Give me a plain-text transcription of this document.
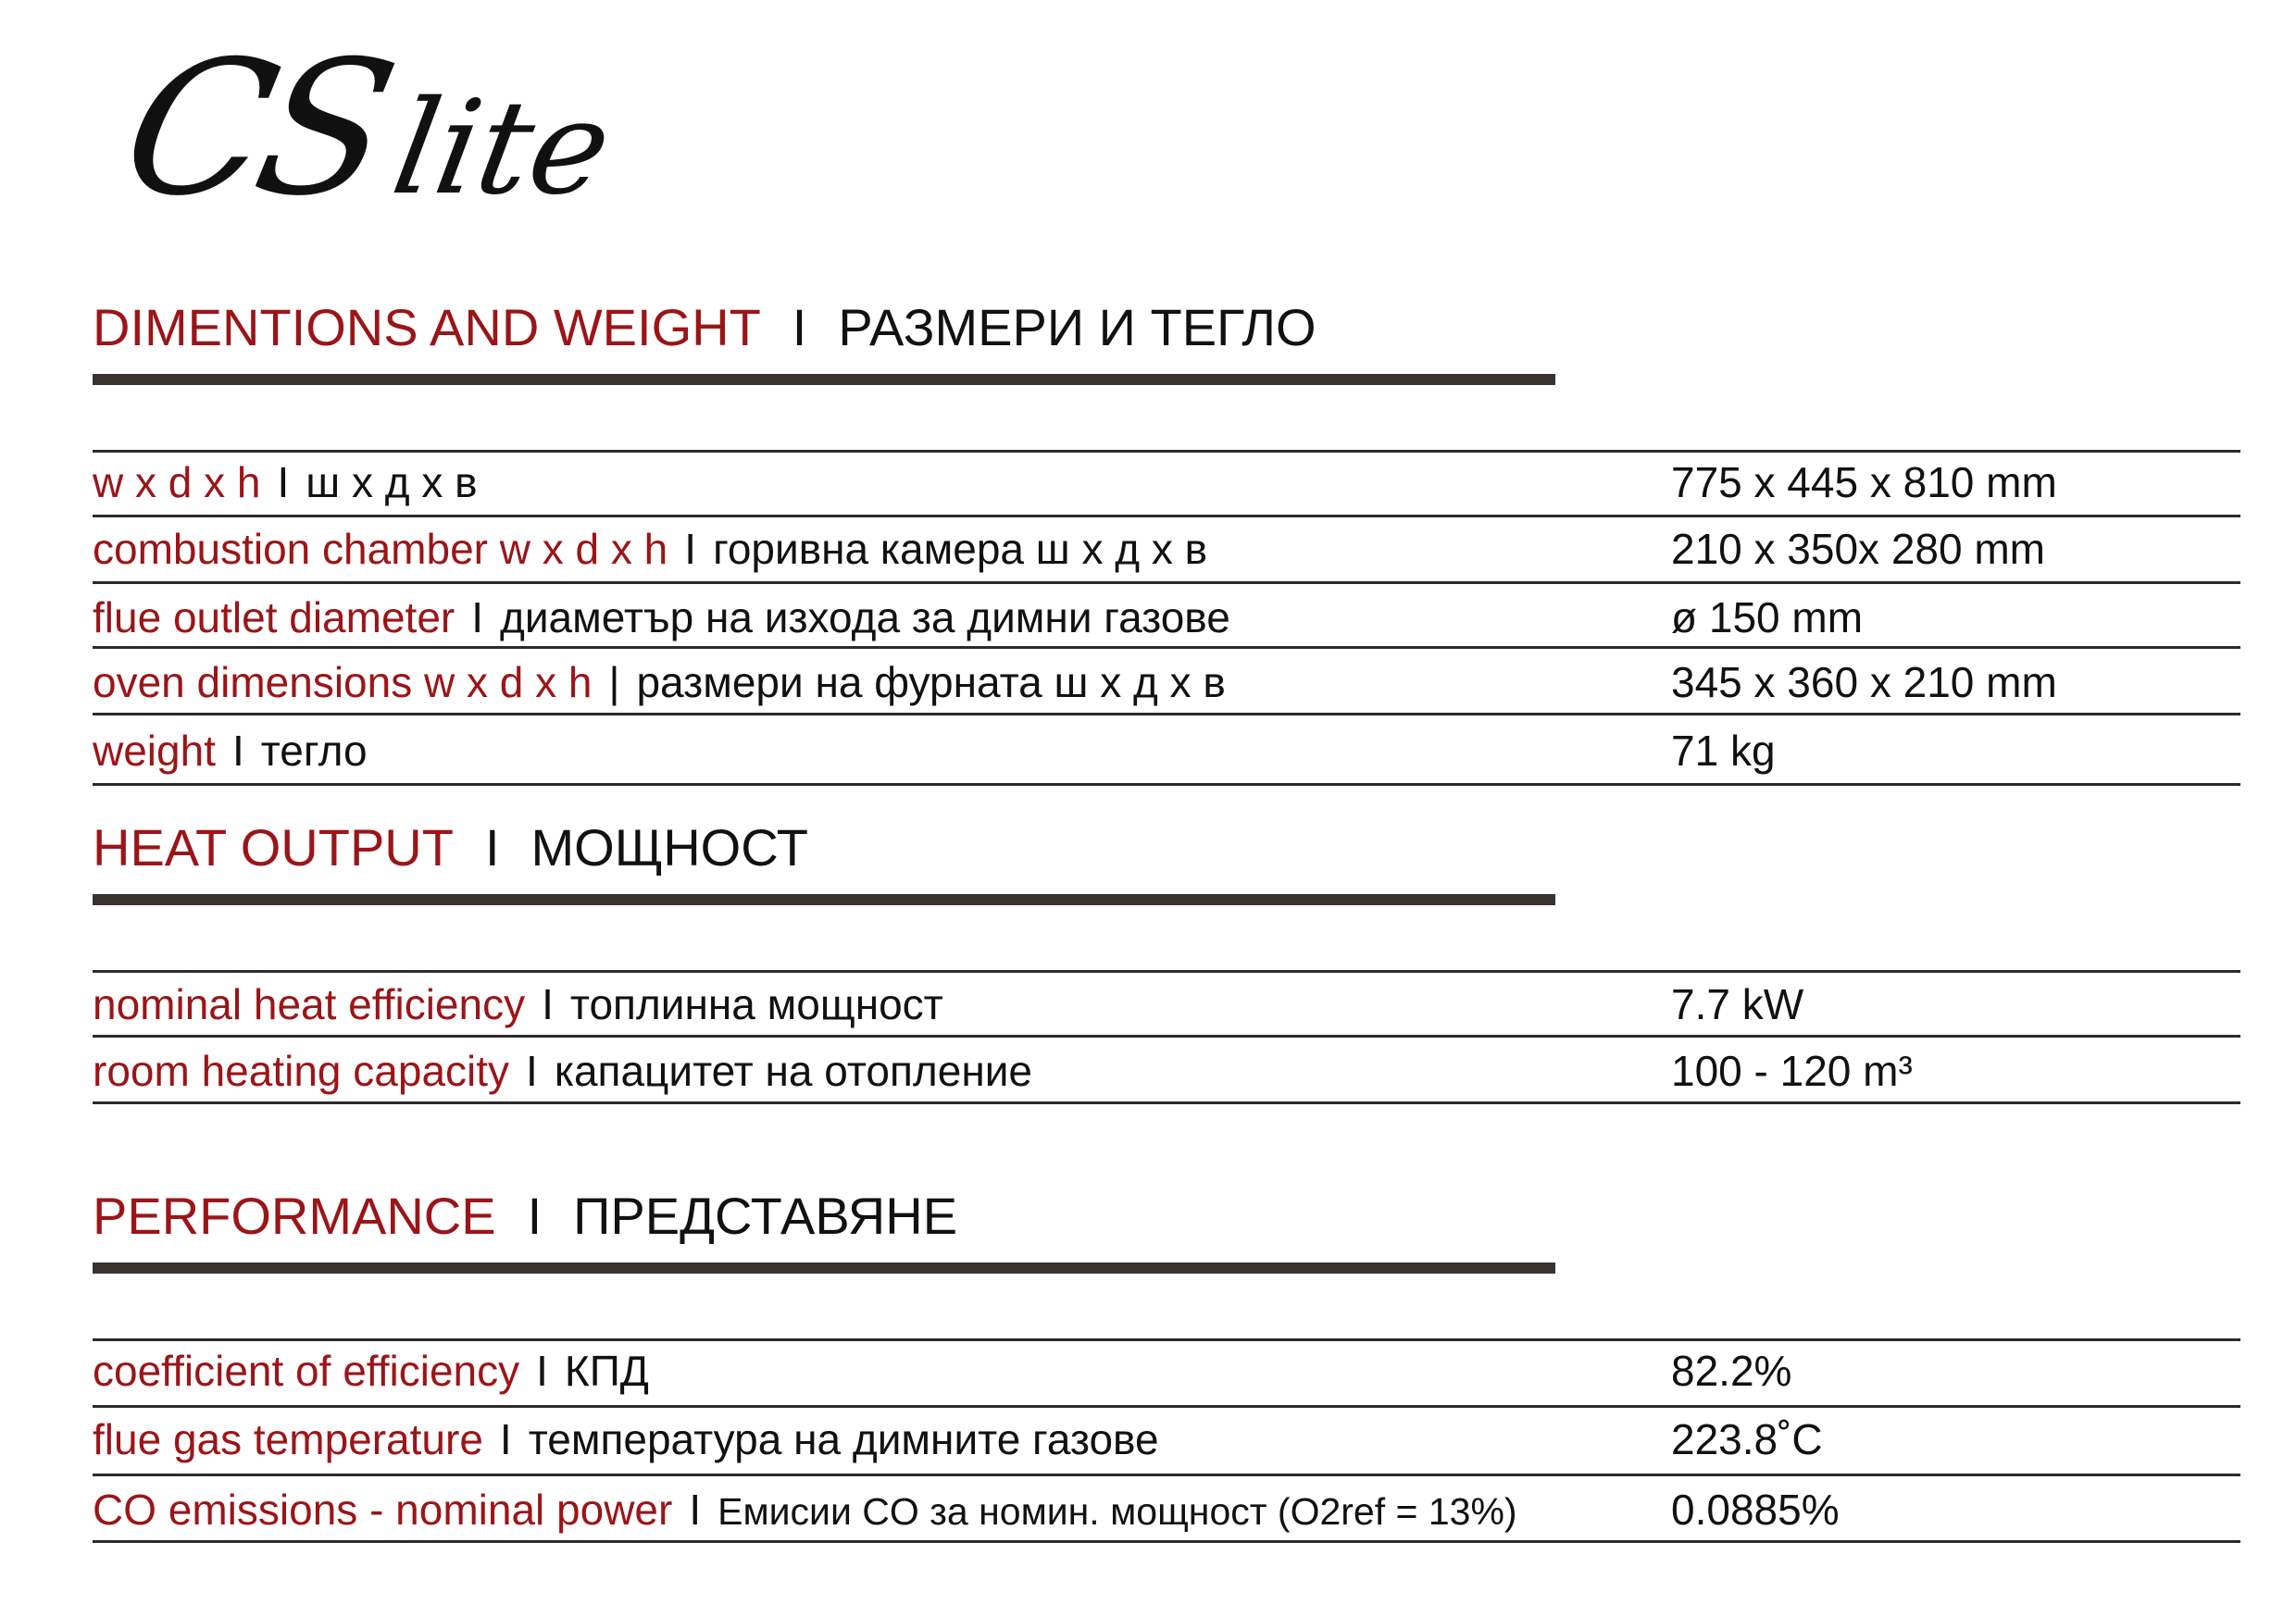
CSlite
DIMENTIONS AND WEIGHT I РАЗМЕРИ И ТЕГЛО
w x d x h I ш x д x в	775 x 445 x 810 mm
combustion chamber w x d x h I горивна камера ш x д x в	210 x 350x 280 mm
flue outlet diameter I диаметър на изхода за димни газове	ø 150 mm
oven dimensions w x d x h | размери на фурната ш x д x в	345 x 360 x 210 mm
weight I тегло	71 kg
HEAT OUTPUT I МОЩНОСТ
nominal heat efficiency I топлинна мощност	7.7 kW
room heating capacity I капацитет на отопление	100 - 120 m³
PERFORMANCE I ПРЕДСТАВЯНЕ
coefficient of efficiency I КПД	82.2%
flue gas temperature I температура на димните газове	223.8˚C
CO emissions - nominal power I Емисии CO за номин. мощност (O2ref = 13%)	0.0885%
